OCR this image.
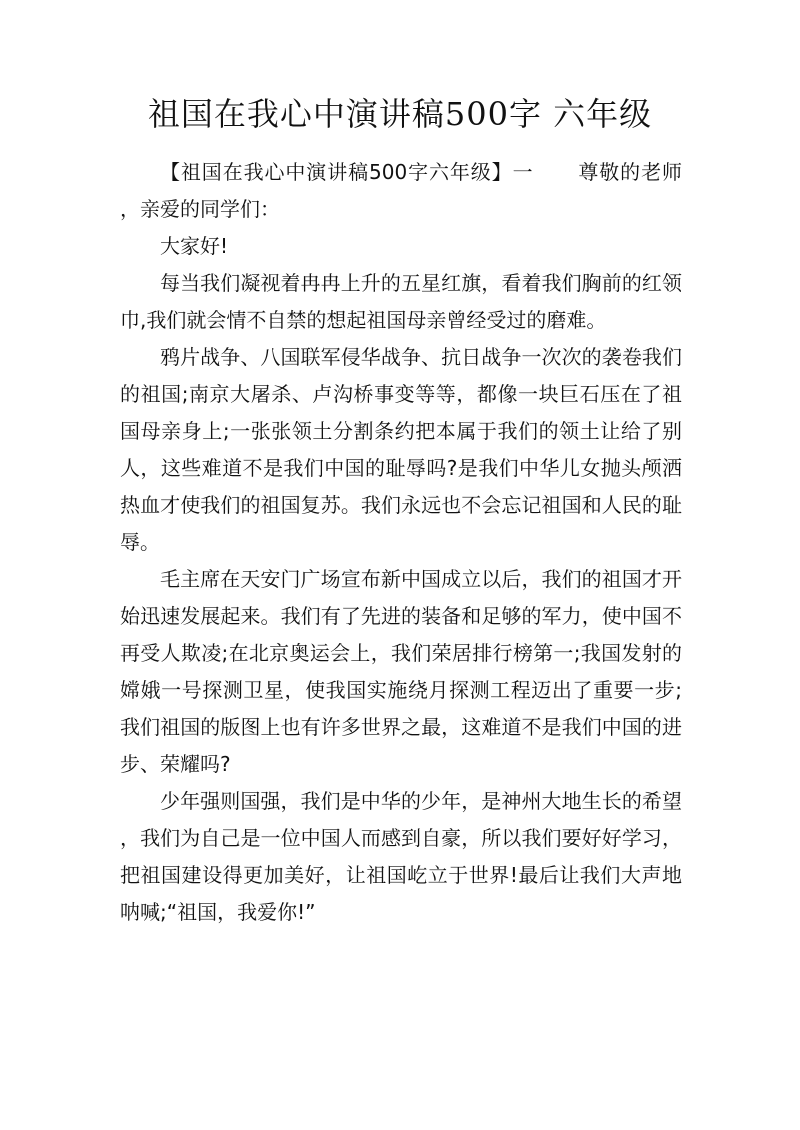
祖国在我心中演讲稿500字 六年级

【祖国在我心中演讲稿500字六年级】一 尊敬的老师，亲爱的同学们：

大家好!

每当我们凝视着冉冉上升的五星红旗，看着我们胸前的红领巾,我们就会情不自禁的想起祖国母亲曾经受过的磨难。

鸦片战争、八国联军侵华战争、抗日战争一次次的袭卷我们的祖国;南京大屠杀、卢沟桥事变等等，都像一块巨石压在了祖国母亲身上;一张张领土分割条约把本属于我们的领土让给了别人，这些难道不是我们中国的耻辱吗?是我们中华儿女抛头颅洒热血才使我们的祖国复苏。我们永远也不会忘记祖国和人民的耻辱。

毛主席在天安门广场宣布新中国成立以后，我们的祖国才开始迅速发展起来。我们有了先进的装备和足够的军力，使中国不再受人欺凌;在北京奥运会上，我们荣居排行榜第一;我国发射的嫦娥一号探测卫星，使我国实施绕月探测工程迈出了重要一步;我们祖国的版图上也有许多世界之最，这难道不是我们中国的进步、荣耀吗?

少年强则国强，我们是中华的少年，是神州大地生长的希望，我们为自己是一位中国人而感到自豪，所以我们要好好学习，把祖国建设得更加美好，让祖国屹立于世界!最后让我们大声地呐喊;“祖国，我爱你!”
